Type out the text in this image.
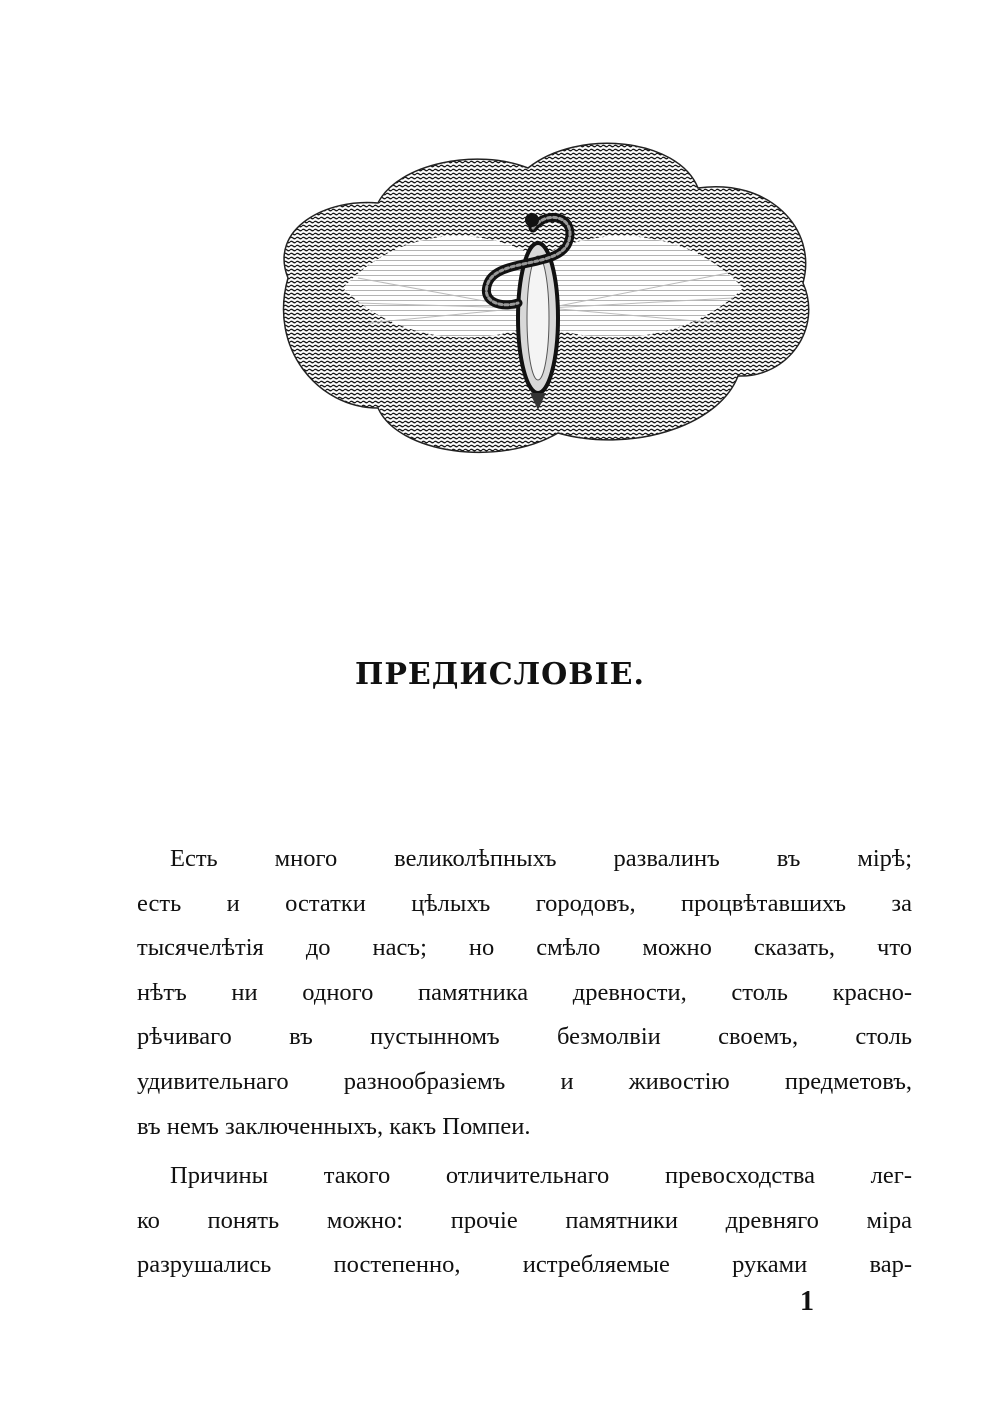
ПРЕДИСЛОВІЕ.
Есть много великолѣпныхъ развалинъ въ мірѣ;
есть и остатки цѣлыхъ городовъ, процвѣтавшихъ за
тысячелѣтія до насъ; но смѣло можно сказать, что
нѣтъ ни одного памятника древности, столь красно-
рѣчиваго въ пустынномъ безмолвіи своемъ, столь
удивительнаго разнообразіемъ и живостію предметовъ,
въ немъ заключенныхъ, какъ Помпеи.
Причины такого отличительнаго превосходства лег-
ко понять можно: прочіе памятники древняго міра
разрушались постепенно, истребляемые руками вар-
1
